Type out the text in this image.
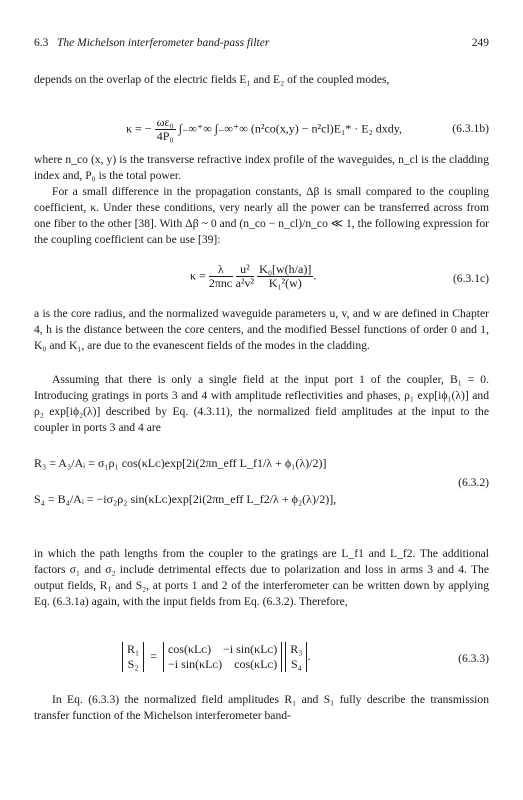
6.3 The Michelson interferometer band-pass filter	249

depends on the overlap of the electric fields E₁ and E₂ of the coupled modes,

κ = − $\frac{\text{ωε₀}}{\text{4P₀}}$ ∫₋∞⁺∞ ∫₋∞⁺∞ (n²co(x,y) − n²cl)E₁* · E₂ dxdy,	(6.3.1b)

where n_co (x, y) is the transverse refractive index profile of the waveguides, n_cl is the cladding index and, P₀ is the total power.

For a small difference in the propagation constants, Δβ is small compared to the coupling coefficient, κ. Under these conditions, very nearly all the power can be transferred across from one fiber to the other [38]. With Δβ ~ 0 and (n_co − n_cl)/n_co ≪ 1, the following expression for the coupling coefficient can be use [39]:

$\kappa = \frac{\lambda}{\text{2πnᴄ}}$
$\frac{\text{u²}}{\text{a²v²}}$
$\frac{\text{K₀[w(h/a)]}}{\text{K₁²(w)}}$ .	(6.3.1c)

a is the core radius, and the normalized waveguide parameters u, v, and w are defined in Chapter 4, h is the distance between the core centers, and the modified Bessel functions of order 0 and 1, K₀ and K₁, are due to the evanescent fields of the modes in the cladding.

Assuming that there is only a single field at the input port 1 of the coupler, B₁ = 0. Introducing gratings in ports 3 and 4 with amplitude reflectivities and phases, ρ₁ exp[iϕ₁(λ)] and ρ₂ exp[iϕ₂(λ)] described by Eq. (4.3.11), the normalized field amplitudes at the input to the coupler in ports 3 and 4 are

R₃ = A₃/Aᵢ = σ₁ρ₁ cos(κLᴄ)exp[2i(2πn_eff L_f1/λ + ϕ₁(λ)/2)]
S₄ = B₄/Aᵢ = −iσ₂ρ₂ sin(κLᴄ)exp[2i(2πn_eff L_f2/λ + ϕ₂(λ)/2)],
(6.3.2)

in which the path lengths from the coupler to the gratings are L_f1 and L_f2. The additional factors σ₁ and σ₂ include detrimental effects due to polarization and loss in arms 3 and 4. The output fields, R₁ and S₂, at ports 1 and 2 of the interferometer can be written down by applying Eq. (6.3.1a) again, with the input fields from Eq. (6.3.2). Therefore,

R₁
S₂
= cos(κLᴄ) −i sin(κLᴄ)
−i sin(κLᴄ) cos(κLᴄ)

R₃
S₄
.	(6.3.3)

In Eq. (6.3.3) the normalized field amplitudes R₁ and S₁ fully describe the transmission transfer function of the Michelson interferometer band-
